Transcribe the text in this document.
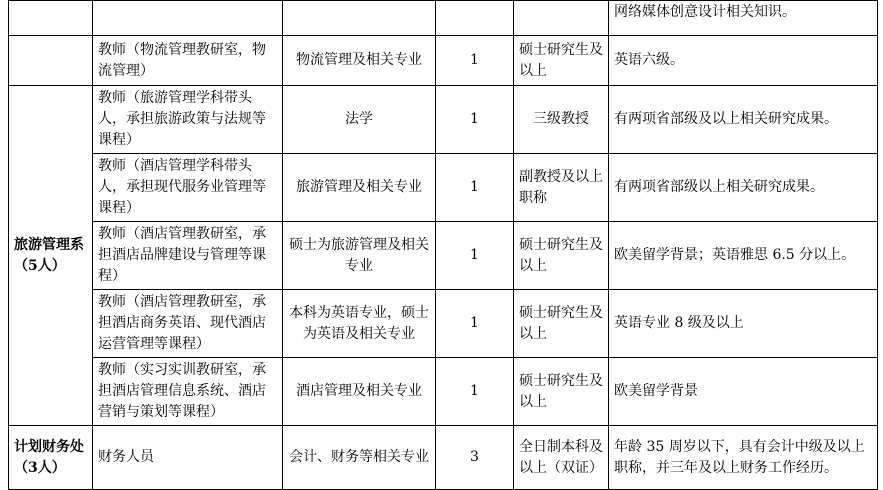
					网络媒体创意设计相关知识。
	教师（物流管理教研室，物流管理）	物流管理及相关专业	1	硕士研究生及以上	英语六级。
旅游管理系（5人）	教师（旅游管理学科带头人，承担旅游政策与法规等课程）	法学	1	三级教授	有两项省部级及以上相关研究成果。
	教师（酒店管理学科带头人，承担现代服务业管理等课程）	旅游管理及相关专业	1	副教授及以上职称	有两项省部级以上相关研究成果。
	教师（酒店管理教研室，承担酒店品牌建设与管理等课程）	硕士为旅游管理及相关专业	1	硕士研究生及以上	欧美留学背景；英语雅思 6.5 分以上。
	教师（酒店管理教研室，承担酒店商务英语、现代酒店运营管理等课程）	本科为英语专业，硕士为英语及相关专业	1	硕士研究生及以上	英语专业 8 级及以上
	教师（实习实训教研室，承担酒店管理信息系统、酒店营销与策划等课程）	酒店管理及相关专业	1	硕士研究生及以上	欧美留学背景
计划财务处（3人）	财务人员	会计、财务等相关专业	3	全日制本科及以上（双证）	年龄 35 周岁以下，具有会计中级及以上职称，并三年及以上财务工作经历。
